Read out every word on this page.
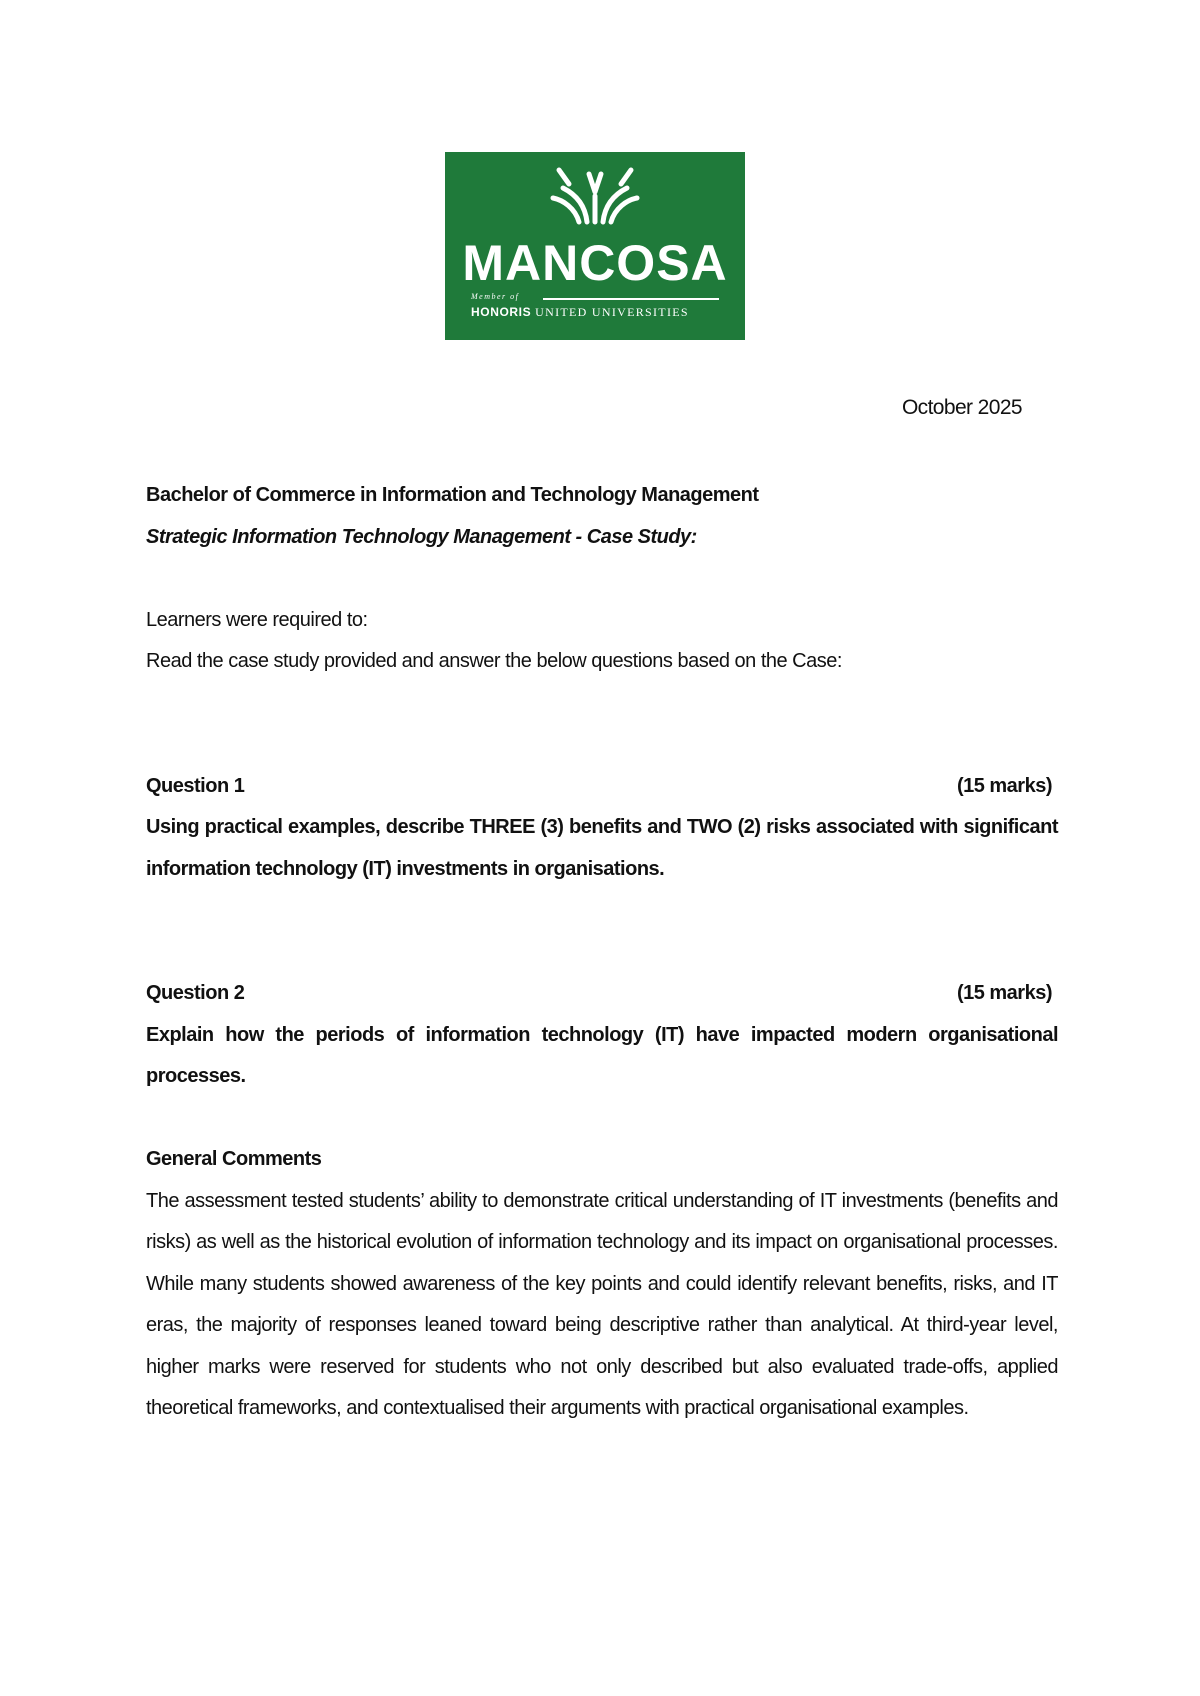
MANCOSA
Member of
HONORIS UNITED UNIVERSITIES
October 2025
Bachelor of Commerce in Information and Technology Management
Strategic Information Technology Management - Case Study:
Learners were required to:
Read the case study provided and answer the below questions based on the Case:
Question 1	(15 marks)
Using practical examples, describe THREE (3) benefits and TWO (2) risks associated with significant information technology (IT) investments in organisations.
Question 2	(15 marks)
Explain how the periods of information technology (IT) have impacted modern organisational processes.
General Comments
The assessment tested students’ ability to demonstrate critical understanding of IT investments (benefits and risks) as well as the historical evolution of information technology and its impact on organisational processes. While many students showed awareness of the key points and could identify relevant benefits, risks, and IT eras, the majority of responses leaned toward being descriptive rather than analytical. At third-year level, higher marks were reserved for students who not only described but also evaluated trade-offs, applied theoretical frameworks, and contextualised their arguments with practical organisational examples.
